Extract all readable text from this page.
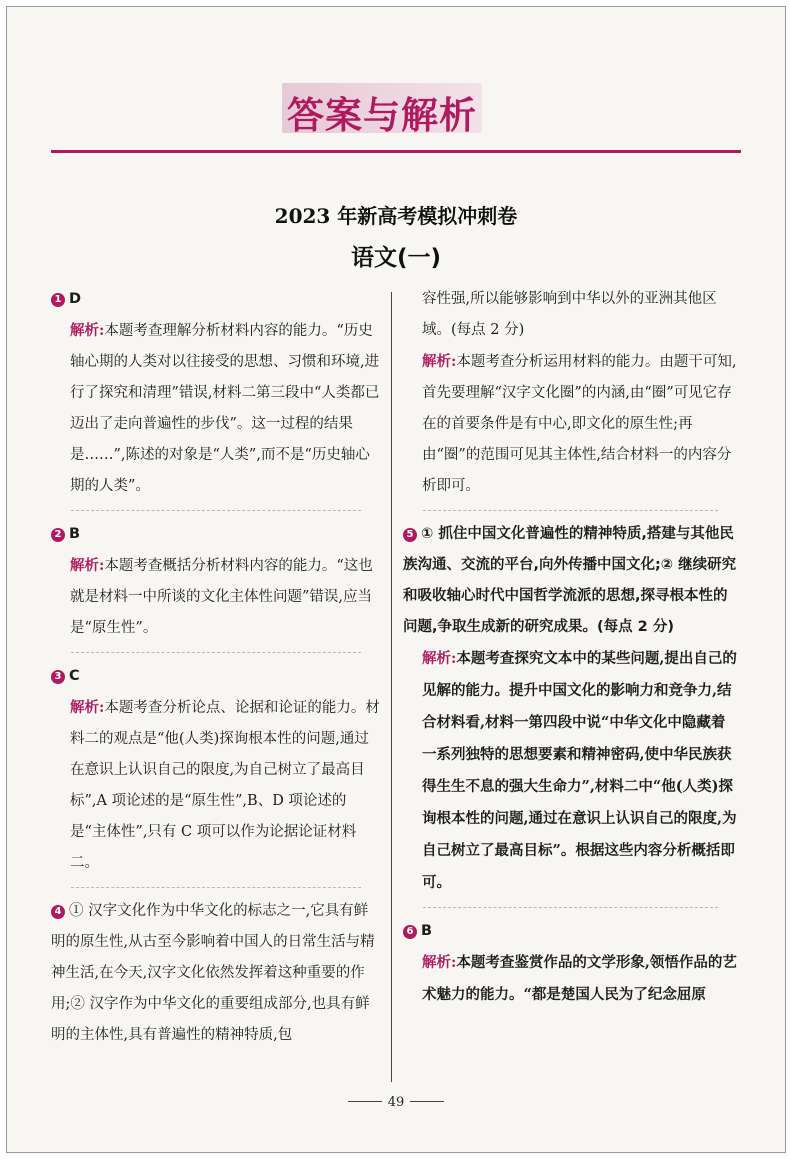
答案与解析
2023 年新高考模拟冲刺卷
语文(一)
1 D
解析:本题考查理解分析材料内容的能力。“历史轴心期的人类对以往接受的思想、习惯和环境,进行了探究和清理”错误,材料二第三段中“人类都已迈出了走向普遍性的步伐”。这一过程的结果是……”,陈述的对象是“人类”,而不是“历史轴心期的人类”。
2 B
解析:本题考查概括分析材料内容的能力。“这也就是材料一中所谈的文化主体性问题”错误,应当是“原生性”。
3 C
解析:本题考查分析论点、论据和论证的能力。材料二的观点是“他(人类)探询根本性的问题,通过在意识上认识自己的限度,为自己树立了最高目标”,A 项论述的是“原生性”,B、D 项论述的是“主体性”,只有 C 项可以作为论据论证材料二。
4 ① 汉字文化作为中华文化的标志之一,它具有鲜明的原生性,从古至今影响着中国人的日常生活与精神生活,在今天,汉字文化依然发挥着这种重要的作用;② 汉字作为中华文化的重要组成部分,也具有鲜明的主体性,具有普遍性的精神特质,包
容性强,所以能够影响到中华以外的亚洲其他区域。(每点 2 分)
解析:本题考查分析运用材料的能力。由题干可知,首先要理解“汉字文化圈”的内涵,由“圈”可见它存在的首要条件是有中心,即文化的原生性;再由“圈”的范围可见其主体性,结合材料一的内容分析即可。
5 ① 抓住中国文化普遍性的精神特质,搭建与其他民族沟通、交流的平台,向外传播中国文化;② 继续研究和吸收轴心时代中国哲学流派的思想,探寻根本性的问题,争取生成新的研究成果。(每点 2 分)
解析:本题考查探究文本中的某些问题,提出自己的见解的能力。提升中国文化的影响力和竞争力,结合材料看,材料一第四段中说“中华文化中隐藏着一系列独特的思想要素和精神密码,使中华民族获得生生不息的强大生命力”,材料二中“他(人类)探询根本性的问题,通过在意识上认识自己的限度,为自己树立了最高目标”。根据这些内容分析概括即可。
6 B
解析:本题考查鉴赏作品的文学形象,领悟作品的艺术魅力的能力。“都是楚国人民为了纪念屈原
49
